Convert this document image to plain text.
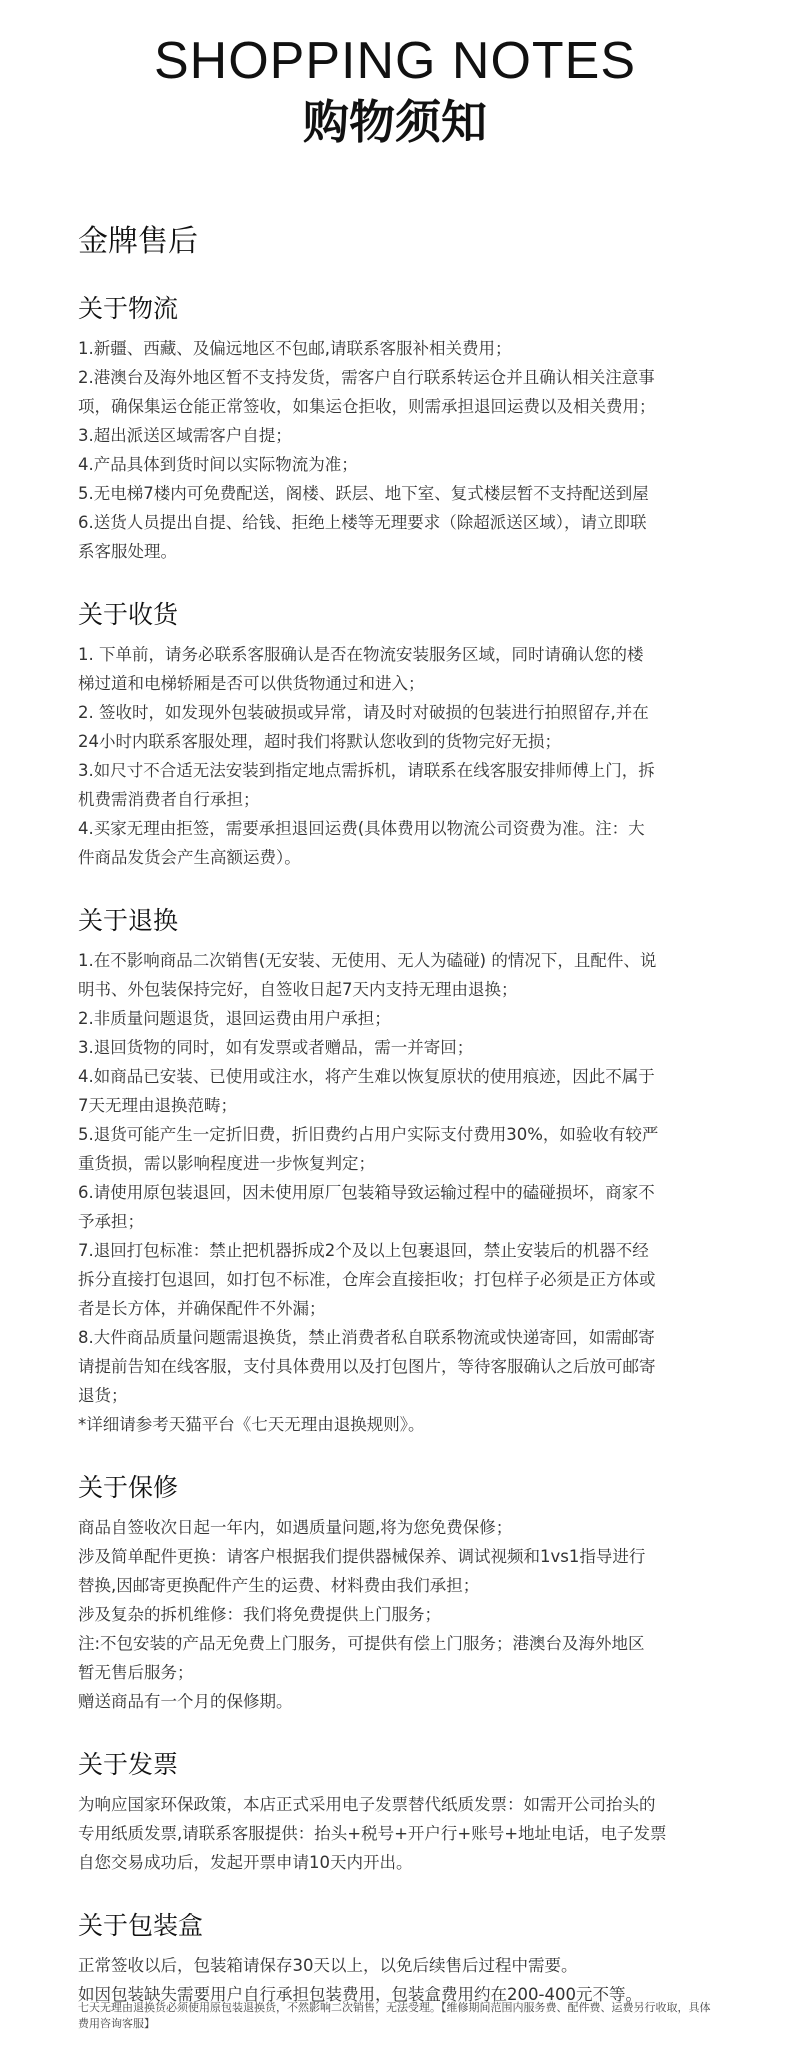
SHOPPING NOTES
购物须知
金牌售后
关于物流

1.新疆、西藏、及偏远地区不包邮,请联系客服补相关费用；

2.港澳台及海外地区暂不支持发货，需客户自行联系转运仓并且确认相关注意事

项，确保集运仓能正常签收，如集运仓拒收，则需承担退回运费以及相关费用；

3.超出派送区域需客户自提；

4.产品具体到货时间以实际物流为准；

5.无电梯7楼内可免费配送，阁楼、跃层、地下室、复式楼层暂不支持配送到屋

6.送货人员提出自提、给钱、拒绝上楼等无理要求（除超派送区域），请立即联

系客服处理。

关于收货

1. 下单前，请务必联系客服确认是否在物流安装服务区域，同时请确认您的楼

梯过道和电梯轿厢是否可以供货物通过和进入；

2. 签收时，如发现外包装破损或异常，请及时对破损的包装进行拍照留存,并在

24小时内联系客服处理，超时我们将默认您收到的货物完好无损；

3.如尺寸不合适无法安装到指定地点需拆机，请联系在线客服安排师傅上门，拆

机费需消费者自行承担；

4.买家无理由拒签，需要承担退回运费(具体费用以物流公司资费为准。注：大

件商品发货会产生高额运费）。

关于退换

1.在不影响商品二次销售(无安装、无使用、无人为磕碰) 的情况下，且配件、说

明书、外包装保持完好，自签收日起7天内支持无理由退换；

2.非质量问题退货，退回运费由用户承担；

3.退回货物的同时，如有发票或者赠品，需一并寄回；

4.如商品已安装、已使用或注水，将产生难以恢复原状的使用痕迹，因此不属于

7天无理由退换范畴；

5.退货可能产生一定折旧费，折旧费约占用户实际支付费用30%，如验收有较严

重货损，需以影响程度进一步恢复判定；

6.请使用原包装退回，因未使用原厂包装箱导致运输过程中的磕碰损坏，商家不

予承担；

7.退回打包标准：禁止把机器拆成2个及以上包裹退回，禁止安装后的机器不经

拆分直接打包退回，如打包不标准，仓库会直接拒收；打包样子必须是正方体或

者是长方体，并确保配件不外漏；

8.大件商品质量问题需退换货，禁止消费者私自联系物流或快递寄回，如需邮寄

请提前告知在线客服，支付具体费用以及打包图片，等待客服确认之后放可邮寄

退货；

*详细请参考天猫平台《七天无理由退换规则》。

关于保修

商品自签收次日起一年内，如遇质量问题,将为您免费保修；

涉及简单配件更换：请客户根据我们提供器械保养、调试视频和1vs1指导进行

替换,因邮寄更换配件产生的运费、材料费由我们承担；

涉及复杂的拆机维修：我们将免费提供上门服务；

注:不包安装的产品无免费上门服务，可提供有偿上门服务；港澳台及海外地区

暂无售后服务；

赠送商品有一个月的保修期。

关于发票

为响应国家环保政策，本店正式采用电子发票替代纸质发票：如需开公司抬头的

专用纸质发票,请联系客服提供：抬头+税号+开户行+账号+地址电话，电子发票

自您交易成功后，发起开票申请10天内开出。

关于包装盒

正常签收以后，包装箱请保存30天以上，以免后续售后过程中需要。

如因包装缺失需要用户自行承担包装费用，包装盒费用约在200-400元不等。

七天无理由退换货必须使用原包装退换货，不然影响二次销售，无法受理。【维修期间范围内服务费、配件费、运费另行收取，具体费用咨询客服】
